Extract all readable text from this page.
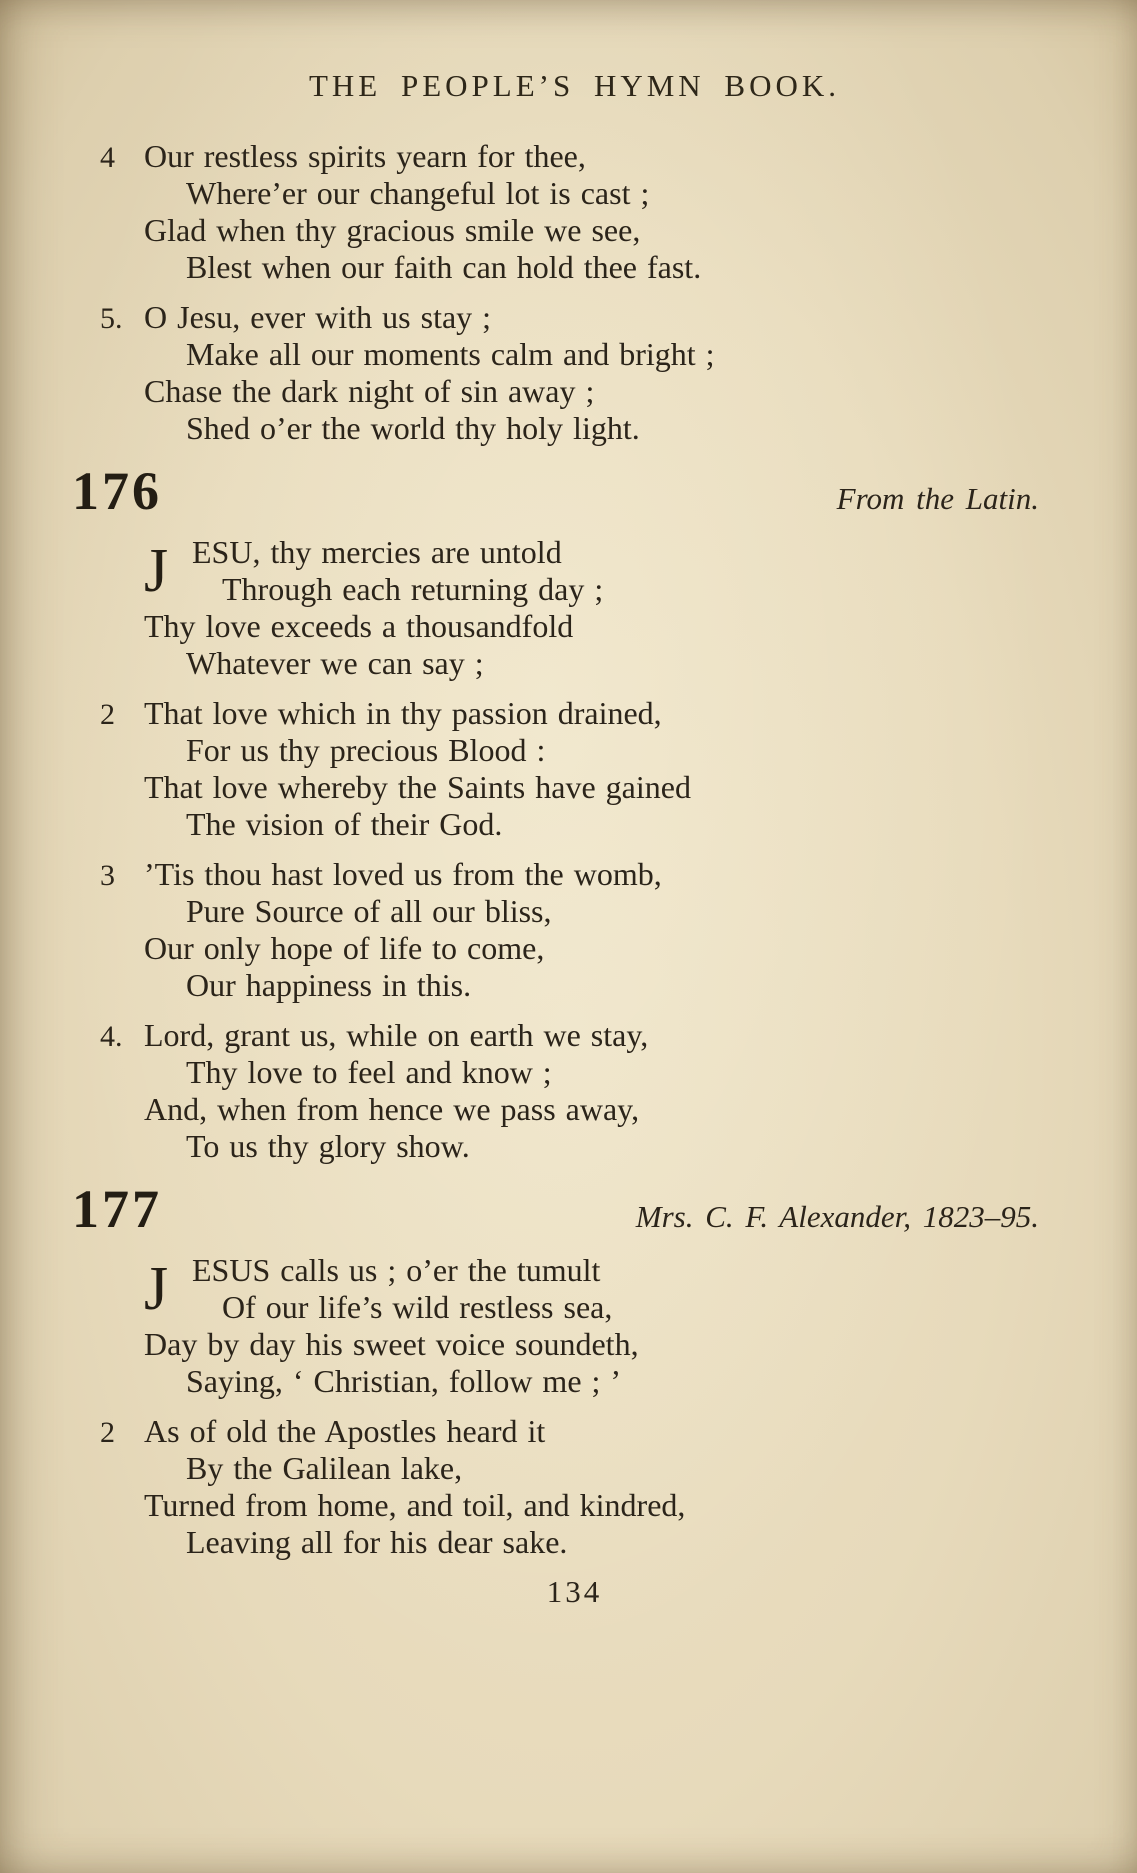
THE PEOPLE’S HYMN BOOK.
4 Our restless spirits yearn for thee,
Where’er our changeful lot is cast ;
Glad when thy gracious smile we see,
Blest when our faith can hold thee fast.
5. O Jesu, ever with us stay ;
Make all our moments calm and bright ;
Chase the dark night of sin away ;
Shed o’er the world thy holy light.
176	From the Latin.
J ESU, thy mercies are untold
Through each returning day ;
Thy love exceeds a thousandfold
Whatever we can say ;
2 That love which in thy passion drained,
For us thy precious Blood :
That love whereby the Saints have gained
The vision of their God.
3 ’Tis thou hast loved us from the womb,
Pure Source of all our bliss,
Our only hope of life to come,
Our happiness in this.
4. Lord, grant us, while on earth we stay,
Thy love to feel and know ;
And, when from hence we pass away,
To us thy glory show.
177	Mrs. C. F. Alexander, 1823–95.
J ESUS calls us ; o’er the tumult
Of our life’s wild restless sea,
Day by day his sweet voice soundeth,
Saying, ‘ Christian, follow me ; ’
2 As of old the Apostles heard it
By the Galilean lake,
Turned from home, and toil, and kindred,
Leaving all for his dear sake.
134
